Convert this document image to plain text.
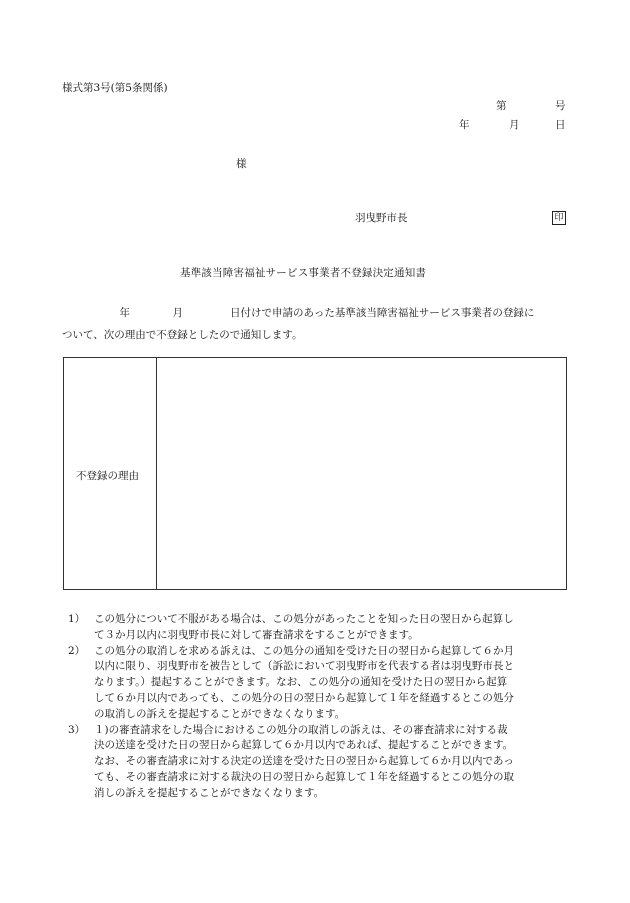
様式第3号(第5条関係)
第	号
年	月	日
様
羽曳野市長	印
基準該当障害福祉サービス事業者不登録決定通知書

年	月	日付けで申請のあった基準該当障害福祉サービス事業者の登録に

ついて、次の理由で不登録としたので通知します。

不登録の理由
1） この処分について不服がある場合は、この処分があったことを知った日の翌日から起算し
て３か月以内に羽曳野市長に対して審査請求をすることができます。
2） この処分の取消しを求める訴えは、この処分の通知を受けた日の翌日から起算して６か月
以内に限り、羽曳野市を被告として（訴訟において羽曳野市を代表する者は羽曳野市長と
なります。）提起することができます。なお、この処分の通知を受けた日の翌日から起算
して６か月以内であっても、この処分の日の翌日から起算して１年を経過するとこの処分
の取消しの訴えを提起することができなくなります。
3） １)の審査請求をした場合におけるこの処分の取消しの訴えは、その審査請求に対する裁
決の送達を受けた日の翌日から起算して６か月以内であれば、提起することができます。
なお、その審査請求に対する決定の送達を受けた日の翌日から起算して６か月以内であっ
ても、その審査請求に対する裁決の日の翌日から起算して１年を経過するとこの処分の取
消しの訴えを提起することができなくなります。
